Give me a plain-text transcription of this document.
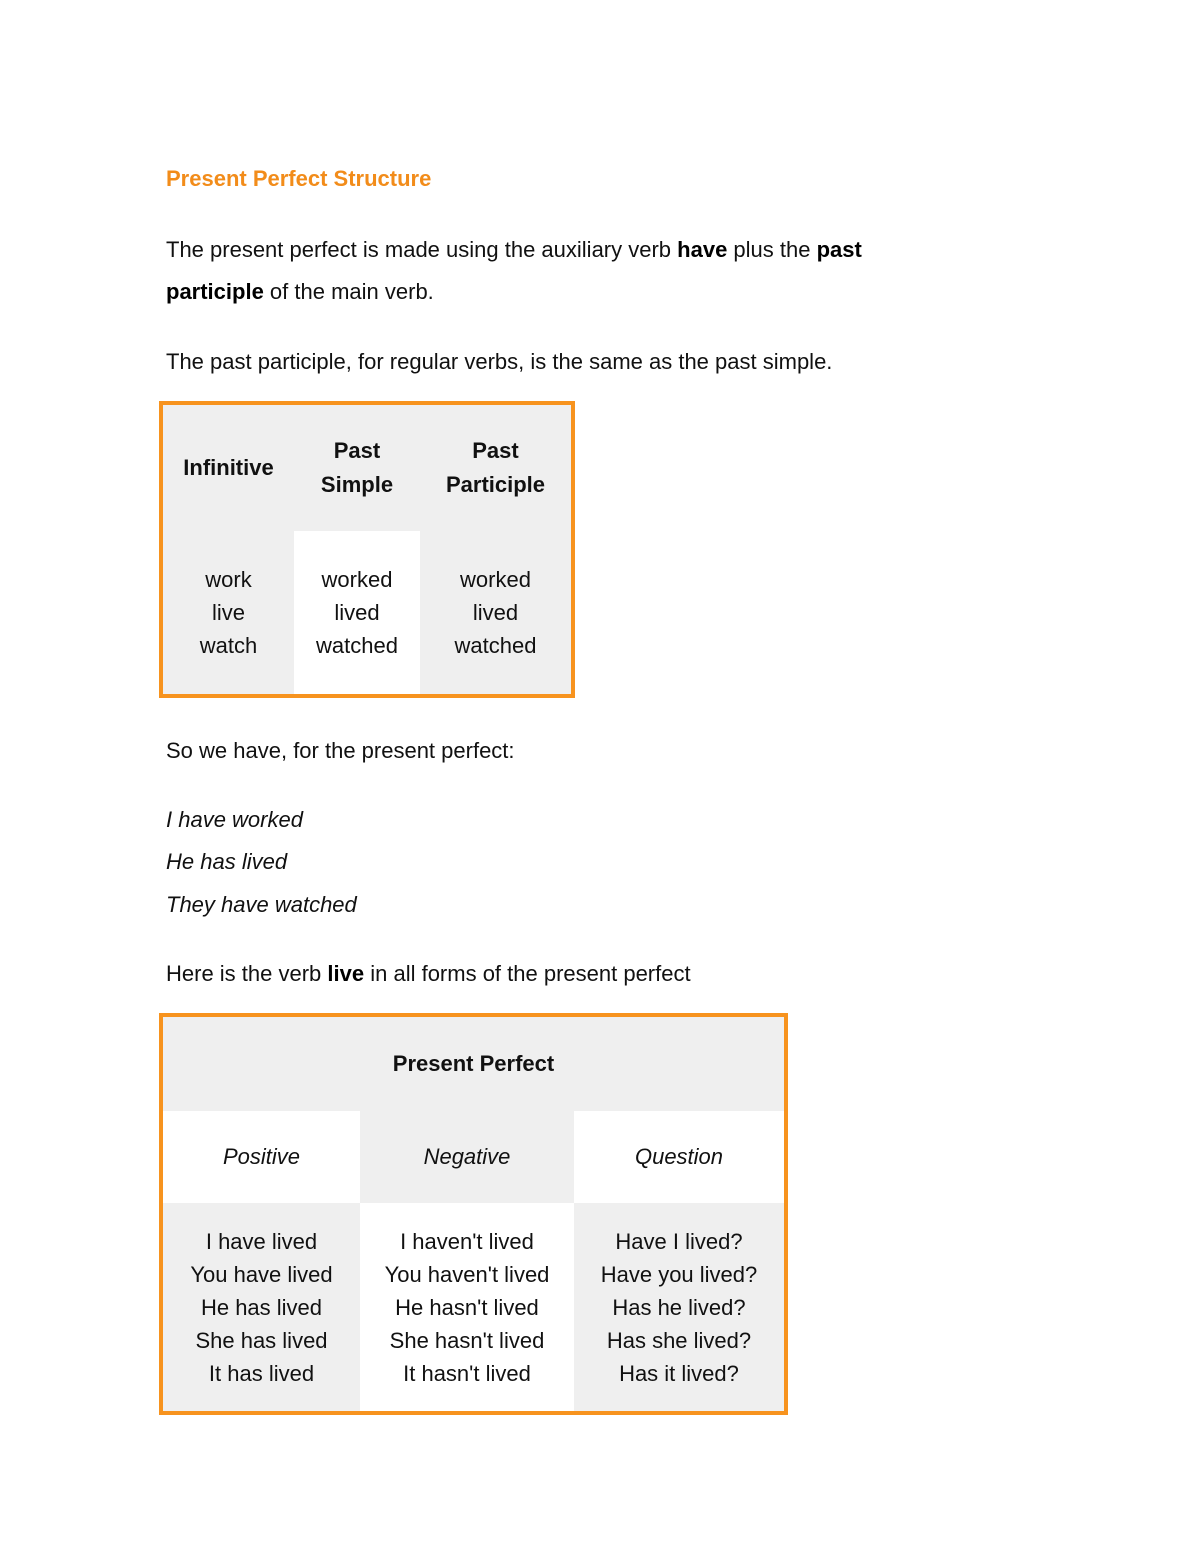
Present Perfect Structure
The present perfect is made using the auxiliary verb have plus the past participle of the main verb.
The past participle, for regular verbs, is the same as the past simple.
Infinitive
Past
Simple
Past
Participle
work
live
watch
worked
lived
watched
worked
lived
watched
So we have, for the present perfect:
I have worked
He has lived
They have watched
Here is the verb live in all forms of the present perfect
Present Perfect
Positive	Negative	Question
I have lived
You have lived
He has lived
She has lived
It has lived
I haven't lived
You haven't lived
He hasn't lived
She hasn't lived
It hasn't lived
Have I lived?
Have you lived?
Has he lived?
Has she lived?
Has it lived?
